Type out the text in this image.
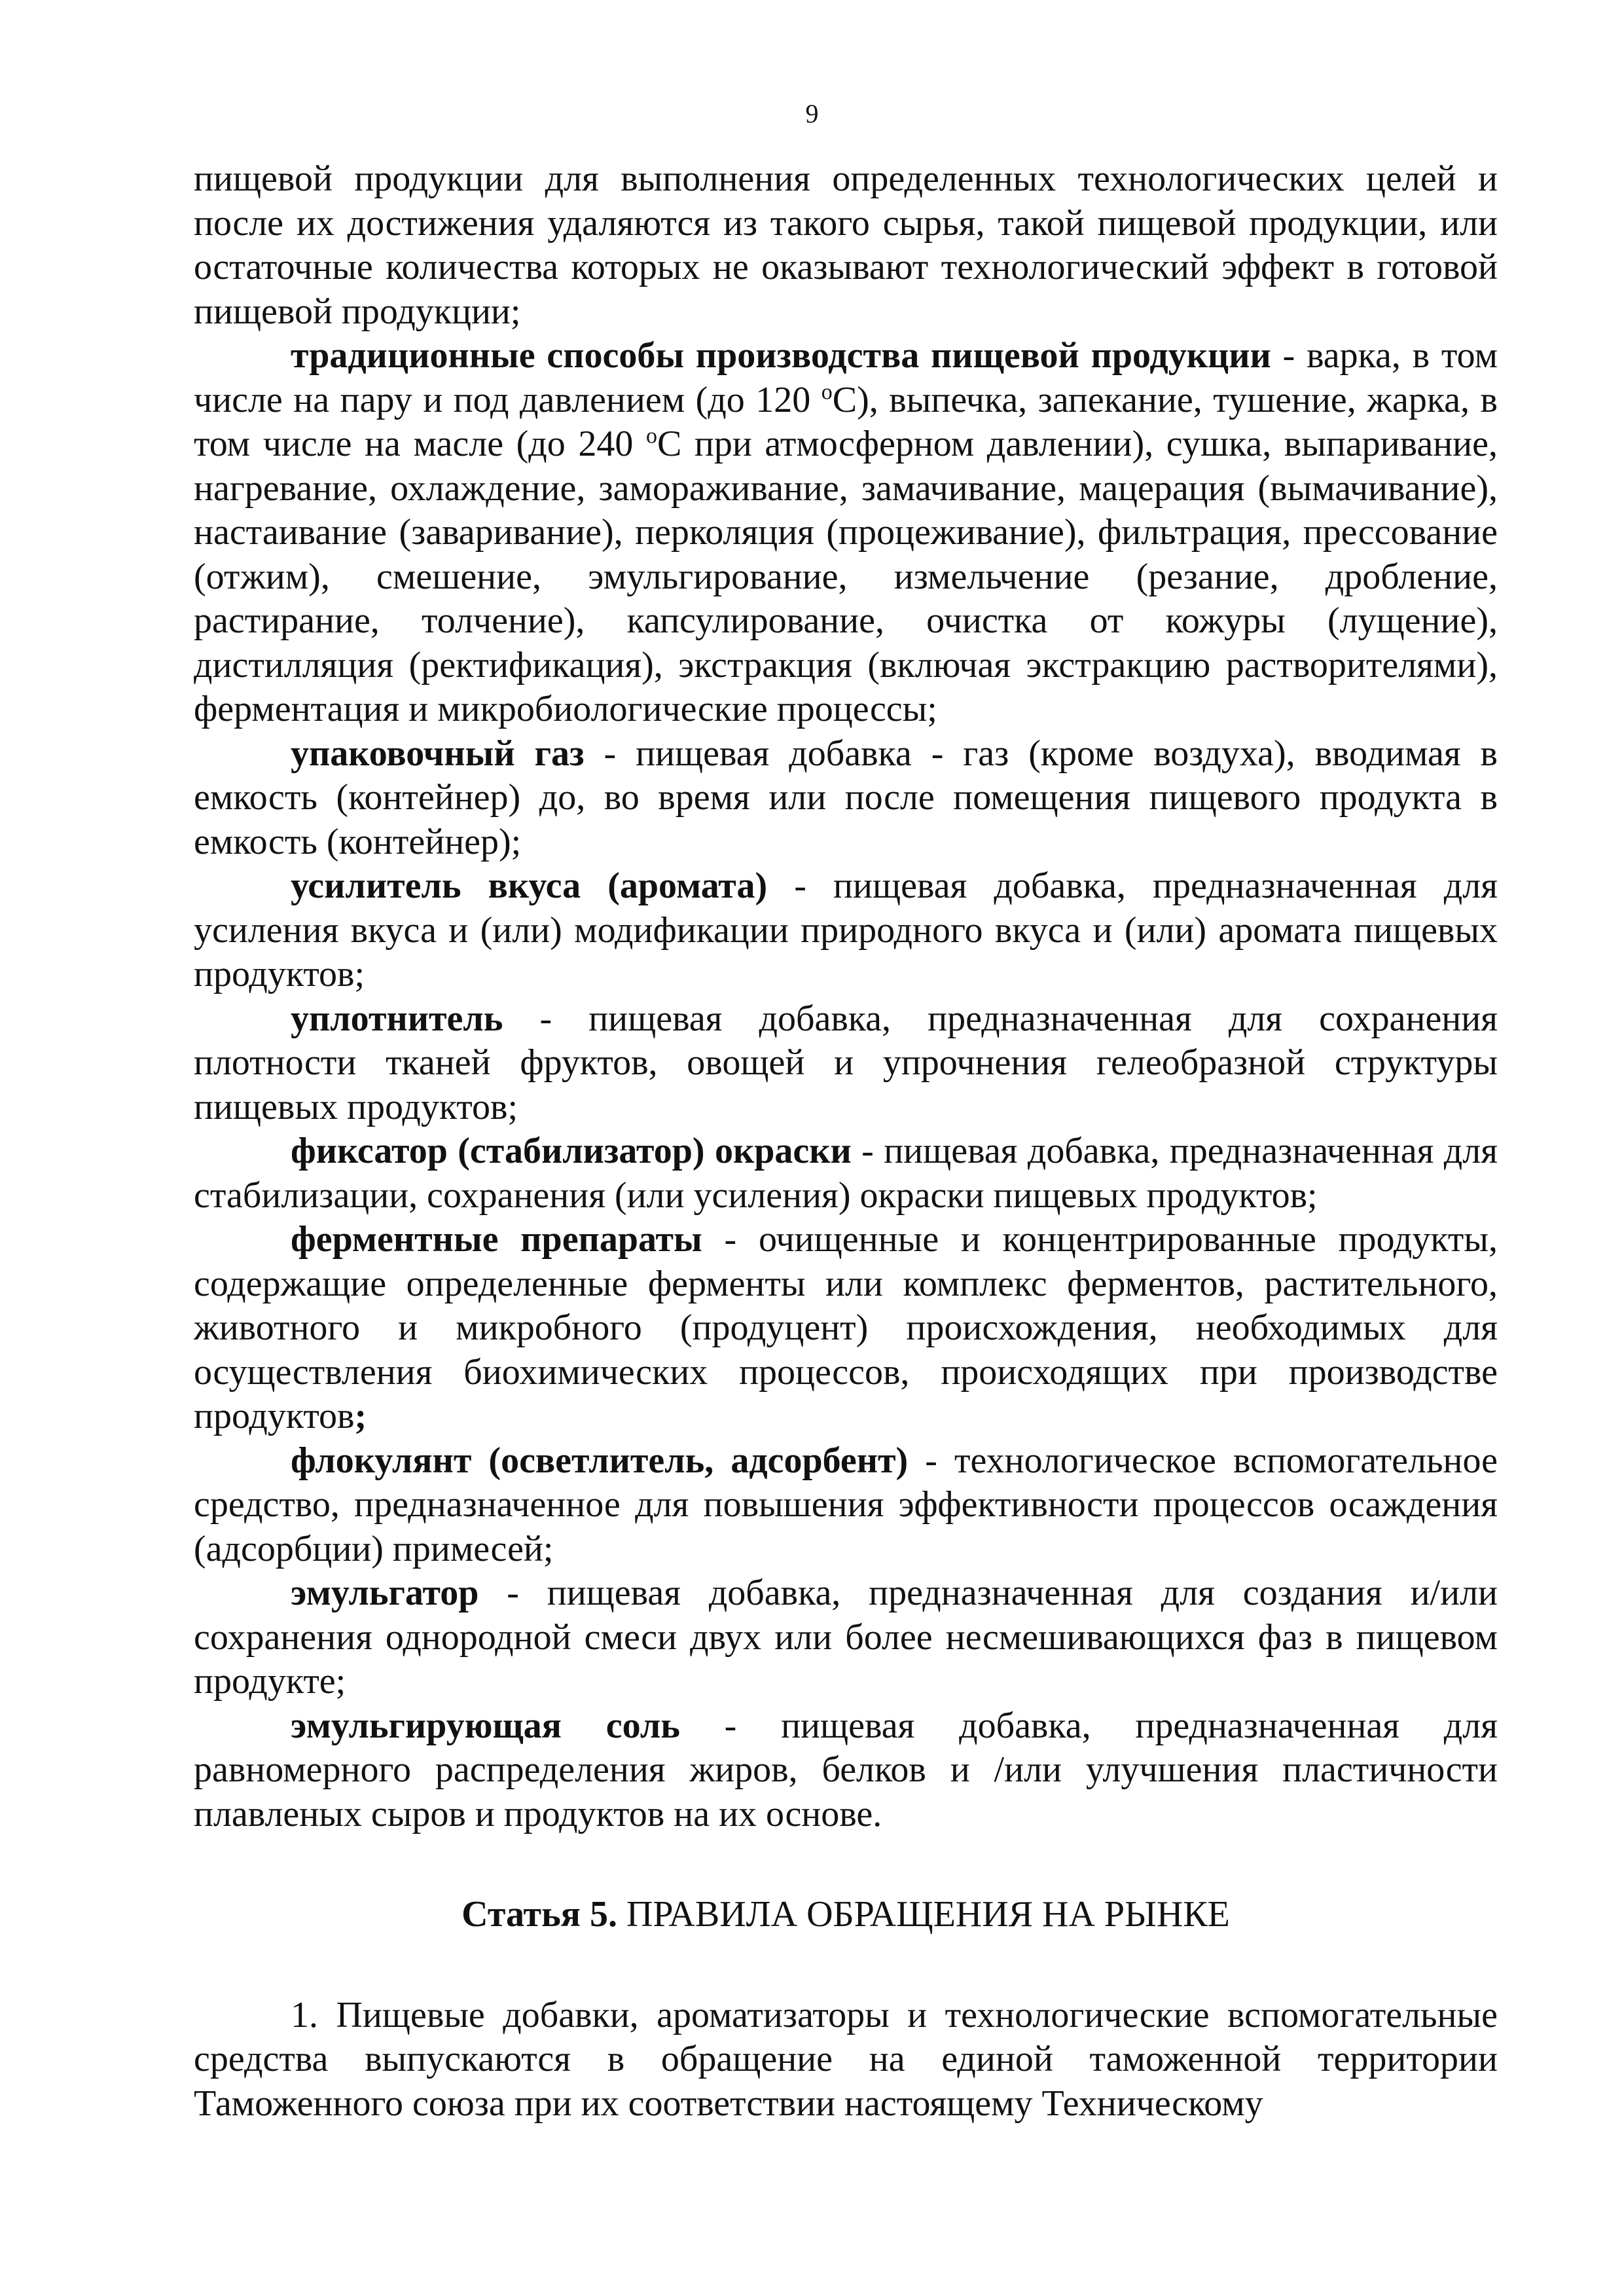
9

пищевой продукции для выполнения определенных технологических целей и после их достижения удаляются из такого сырья, такой пищевой продукции, или остаточные количества которых не оказывают технологический эффект в готовой пищевой продукции;

традиционные способы производства пищевой продукции - варка, в том числе на пару и под давлением (до 120 $^о$С), выпечка, запекание, тушение, жарка, в том числе на масле (до 240 $^о$С при атмосферном давлении), сушка, выпаривание, нагревание, охлаждение, замораживание, замачивание, мацерация (вымачивание), настаивание (заваривание), перколяция (процеживание), фильтрация, прессование (отжим), смешение, эмульгирование, измельчение (резание, дробление, растирание, толчение), капсулирование, очистка от кожуры (лущение), дистилляция (ректификация), экстракция (включая экстракцию растворителями), ферментация и микробиологические процессы;

упаковочный газ - пищевая добавка - газ (кроме воздуха), вводимая в емкость (контейнер) до, во время или после помещения пищевого продукта в емкость (контейнер);

усилитель вкуса (аромата) - пищевая добавка, предназначенная для усиления вкуса и (или) модификации природного вкуса и (или) аромата пищевых продуктов;

уплотнитель - пищевая добавка, предназначенная для сохранения плотности тканей фруктов, овощей и упрочнения гелеобразной структуры пищевых продуктов;

фиксатор (стабилизатор) окраски - пищевая добавка, предназначенная для стабилизации, сохранения (или усиления) окраски пищевых продуктов;

ферментные препараты - очищенные и концентрированные продукты, содержащие определенные ферменты или комплекс ферментов, растительного, животного и микробного (продуцент) происхождения, необходимых для осуществления биохимических процессов, происходящих при производстве продуктов;

флокулянт (осветлитель, адсорбент) - технологическое вспомогательное средство, предназначенное для повышения эффективности процессов осаждения (адсорбции) примесей;

эмульгатор - пищевая добавка, предназначенная для создания и/или сохранения однородной смеси двух или более несмешивающихся фаз в пищевом продукте;

эмульгирующая соль - пищевая добавка, предназначенная для равномерного распределения жиров, белков и /или улучшения пластичности плавленых сыров и продуктов на их основе.

Статья 5. ПРАВИЛА ОБРАЩЕНИЯ НА РЫНКЕ

1. Пищевые добавки, ароматизаторы и технологические вспомогательные средства выпускаются в обращение на единой таможенной территории Таможенного союза при их соответствии настоящему Техническому
